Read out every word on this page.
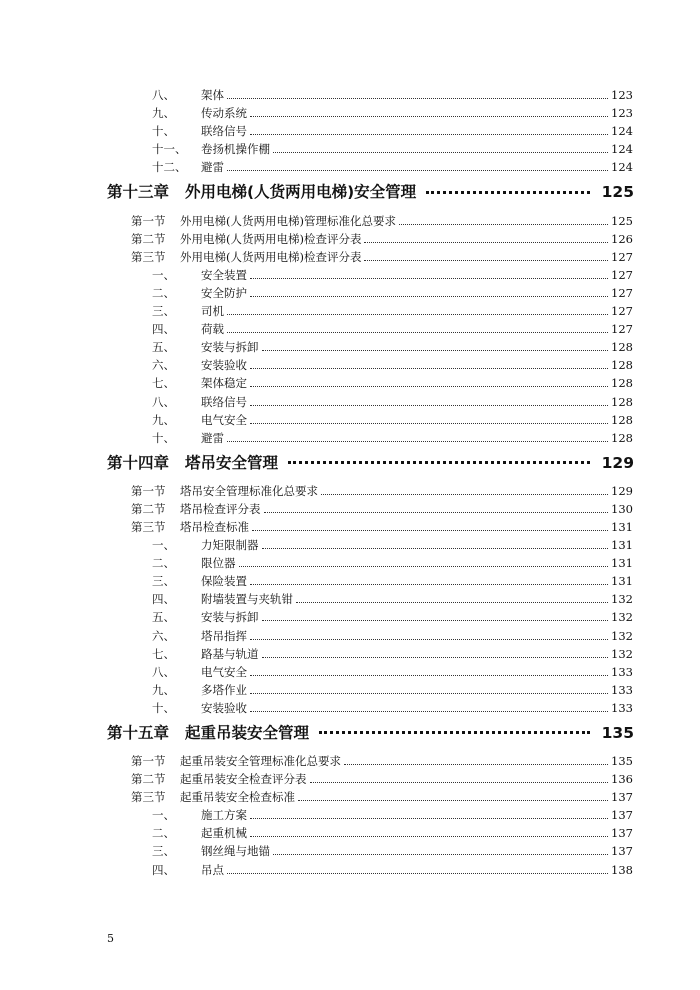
八、	架体	123
九、	传动系统	123
十、	联络信号	124
十一、	卷扬机操作棚	124
十二、	避雷	124
第十三章 外用电梯(人货两用电梯)安全管理	125
第一节	外用电梯(人货两用电梯)管理标准化总要求	125
第二节	外用电梯(人货两用电梯)检查评分表	126
第三节	外用电梯(人货两用电梯)检查评分表	127
一、	安全装置	127
二、	安全防护	127
三、	司机	127
四、	荷载	127
五、	安装与拆卸	128
六、	安装验收	128
七、	架体稳定	128
八、	联络信号	128
九、	电气安全	128
十、	避雷	128
第十四章 塔吊安全管理	129
第一节	塔吊安全管理标准化总要求	129
第二节	塔吊检查评分表	130
第三节	塔吊检查标准	131
一、	力矩限制器	131
二、	限位器	131
三、	保险装置	131
四、	附墙装置与夹轨钳	132
五、	安装与拆卸	132
六、	塔吊指挥	132
七、	路基与轨道	132
八、	电气安全	133
九、	多塔作业	133
十、	安装验收	133
第十五章 起重吊装安全管理	135
第一节	起重吊装安全管理标准化总要求	135
第二节	起重吊装安全检查评分表	136
第三节	起重吊装安全检查标准	137
一、	施工方案	137
二、	起重机械	137
三、	钢丝绳与地锚	137
四、	吊点	138
5
